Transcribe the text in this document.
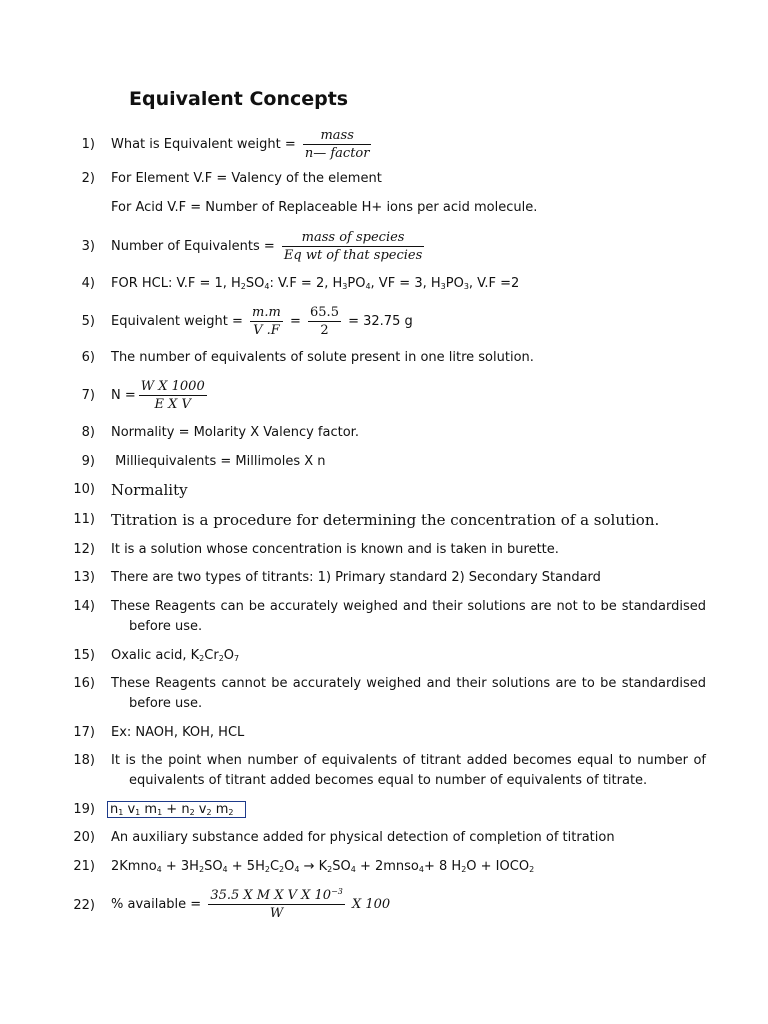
Equivalent Concepts
1) What is Equivalent weight = $\frac{\text{mass}}{\text{n— factor}}$
2) For Element V.F = Valency of the element
For Acid V.F = Number of Replaceable H+ ions per acid molecule.
3) Number of Equivalents = $\frac{\text{mass of species}}{\text{Eq wt of that species}}$
4) FOR HCL: V.F = 1, $H_2SO_4$: V.F = 2, $H_3PO_4$, VF = 3, $H_3PO_3$, V.F =2
5) Equivalent weight = $\frac{m.m}{V .F} = \frac{65.5}{2} = 32.75$ g
6) The number of equivalents of solute present in one litre solution.
7) $N = \frac{\text{W X 1000}}{\text{E X V}}$
8) Normality = Molarity X Valency factor.
9) Milliequivalents = Millimoles X n
10) Normality
11) Titration is a procedure for determining the concentration of a solution.
12) It is a solution whose concentration is known and is taken in burette.
13) There are two types of titrants: 1) Primary standard 2) Secondary Standard
14) These Reagents can be accurately weighed and their solutions are not to be standardised
before use.
15) Oxalic acid, $K_2Cr_2O_7$
16) These Reagents cannot be accurately weighed and their solutions are to be standardised
before use.
17) Ex: NAOH, KOH, HCL
18) It is the point when number of equivalents of titrant added becomes equal to number of
equivalents of titrant added becomes equal to number of equivalents of titrate.
19) $n_1$ $v_1$ $m_1 + n_2$ $v_2$ $m_2$
20) An auxiliary substance added for physical detection of completion of titration
21) 2Kmno$_4$ + $3H_2SO_4 + 5H_2C_2O_4 \to K_2SO_4$ + 2mnso$_4$+ 8 $H_2O$ + $IOCO_2$
22) % available = $\frac{35.5 X M X V X 10^{-3}}{W}$ X 100
